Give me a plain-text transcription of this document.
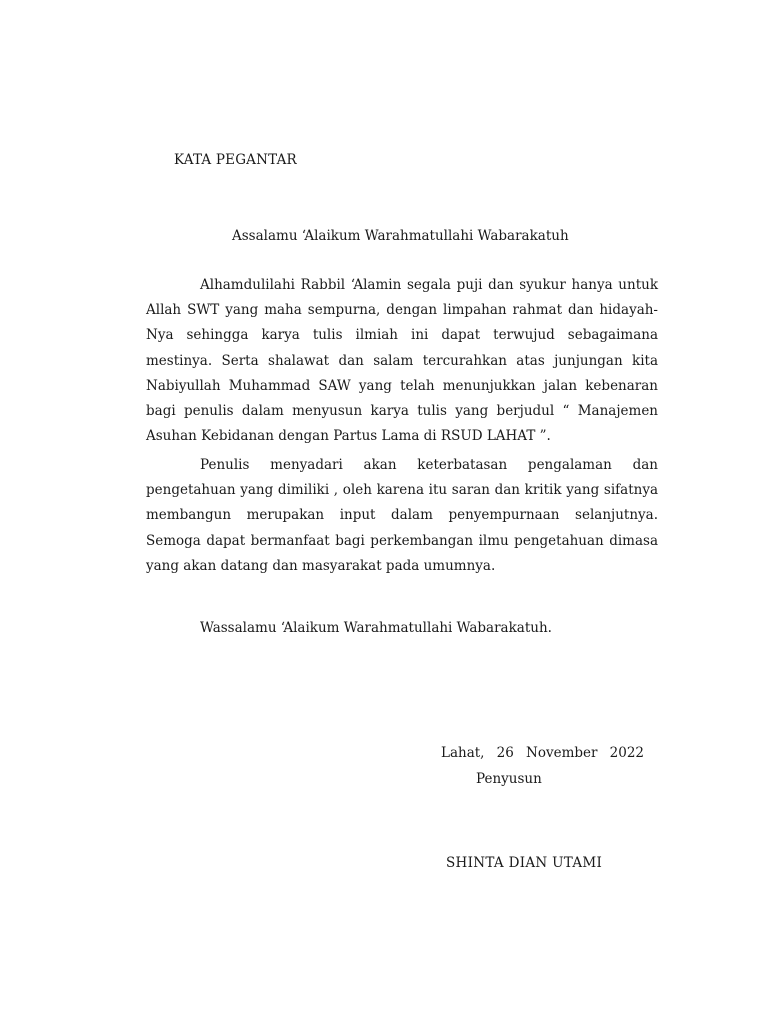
KATA PEGANTAR

Assalamu ‘Alaikum Warahmatullahi Wabarakatuh

Alhamdulilahi Rabbil ‘Alamin segala puji dan syukur hanya untuk Allah SWT yang maha sempurna, dengan limpahan rahmat dan hidayah-Nya sehingga karya tulis ilmiah ini dapat terwujud sebagaimana mestinya. Serta shalawat dan salam tercurahkan atas junjungan kita Nabiyullah Muhammad SAW yang telah menunjukkan jalan kebenaran bagi penulis dalam menyusun karya tulis yang berjudul “ Manajemen Asuhan Kebidanan dengan Partus Lama di RSUD LAHAT ”.

Penulis menyadari akan keterbatasan pengalaman dan pengetahuan yang dimiliki , oleh karena itu saran dan kritik yang sifatnya membangun merupakan input dalam penyempurnaan selanjutnya. Semoga dapat bermanfaat bagi perkembangan ilmu pengetahuan dimasa yang akan datang dan masyarakat pada umumnya.

Wassalamu ‘Alaikum Warahmatullahi Wabarakatuh.

Lahat, 26 November 2022

Penyusun

SHINTA DIAN UTAMI
